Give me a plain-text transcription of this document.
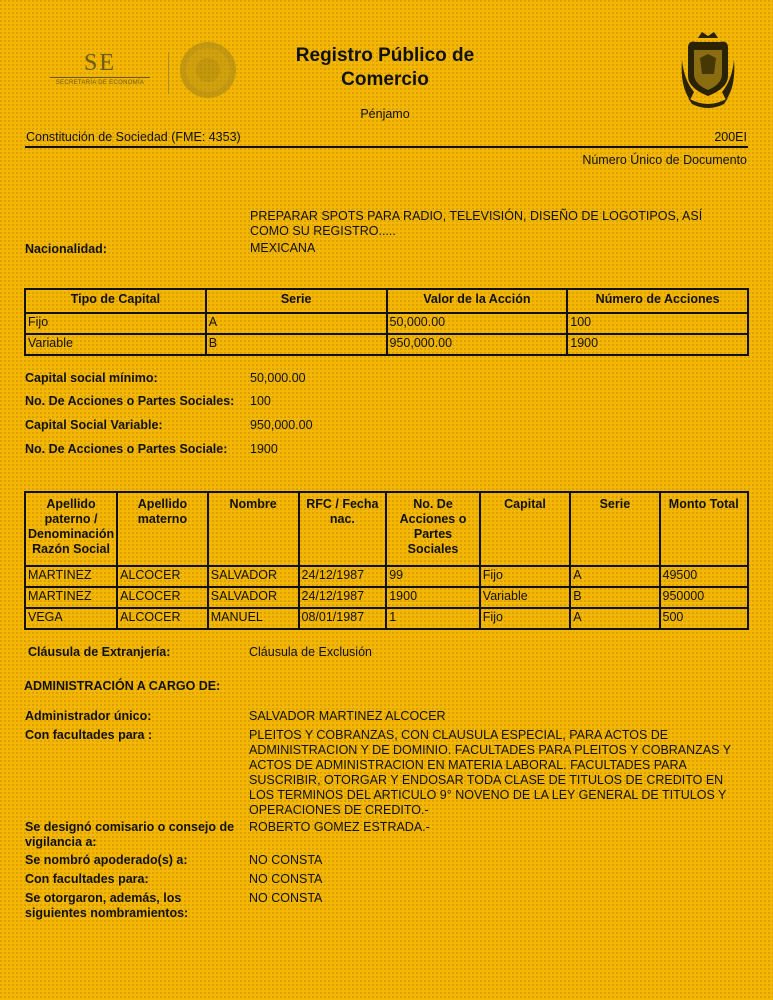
SE
SECRETARÍA DE ECONOMÍA
Registro Público de
Comercio
Pénjamo
Constitución de Sociedad (FME: 4353)	200EI
Número Único de Documento
PREPARAR SPOTS PARA RADIO, TELEVISIÓN, DISEÑO DE LOGOTIPOS, ASÍ COMO SU REGISTRO.....
Nacionalidad:	MEXICANA
Tipo de Capital	Serie	Valor de la Acción	Número de Acciones
Fijo	A	50,000.00	100
Variable	B	950,000.00	1900
Capital social mínimo:	50,000.00
No. De Acciones o Partes Sociales: 100
Capital Social Variable:	950,000.00
No. De Acciones o Partes Sociale: 1900
Apellido paterno / Denominación Razón Social	Apellido materno	Nombre	RFC / Fecha nac.	No. De Acciones o Partes Sociales	Capital	Serie	Monto Total
MARTINEZ	ALCOCER	SALVADOR	24/12/1987	99	Fijo	A	49500
MARTINEZ	ALCOCER	SALVADOR	24/12/1987	1900	Variable	B	950000
VEGA	ALCOCER	MANUEL	08/01/1987	1	Fijo	A	500
Cláusula de Extranjería:	Cláusula de Exclusión
ADMINISTRACIÓN A CARGO DE:
Administrador único:	SALVADOR MARTINEZ ALCOCER
Con facultades para :	PLEITOS Y COBRANZAS, CON CLAUSULA ESPECIAL, PARA ACTOS DE ADMINISTRACION Y DE DOMINIO. FACULTADES PARA PLEITOS Y COBRANZAS Y ACTOS DE ADMINISTRACION EN MATERIA LABORAL. FACULTADES PARA SUSCRIBIR, OTORGAR Y ENDOSAR TODA CLASE DE TITULOS DE CREDITO EN LOS TERMINOS DEL ARTICULO 9° NOVENO DE LA LEY GENERAL DE TITULOS Y OPERACIONES DE CREDITO.-
Se designó comisario o consejo de vigilancia a:
ROBERTO GOMEZ ESTRADA.-
Se nombró apoderado(s) a:	NO CONSTA
Con facultades para:	NO CONSTA
Se otorgaron, además, los siguientes nombramientos:
NO CONSTA
